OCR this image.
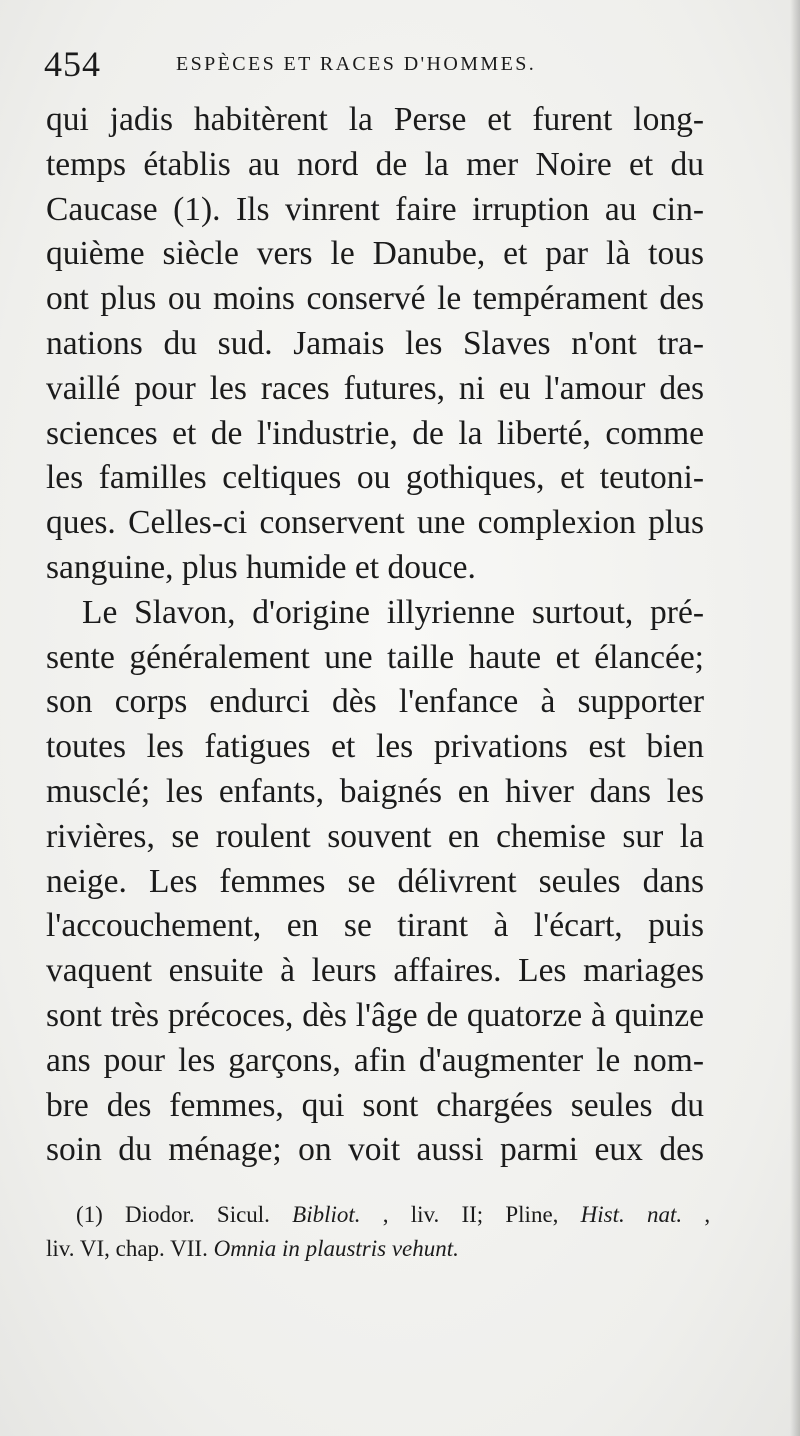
454	ESPÈCES ET RACES D'HOMMES.
qui jadis habitèrent la Perse et furent long-
temps établis au nord de la mer Noire et du
Caucase (1). Ils vinrent faire irruption au cin-
quième siècle vers le Danube, et par là tous
ont plus ou moins conservé le tempérament des
nations du sud. Jamais les Slaves n'ont tra-
vaillé pour les races futures, ni eu l'amour des
sciences et de l'industrie, de la liberté, comme
les familles celtiques ou gothiques, et teutoni-
ques. Celles-ci conservent une complexion plus
sanguine, plus humide et douce.
Le Slavon, d'origine illyrienne surtout, pré-
sente généralement une taille haute et élancée;
son corps endurci dès l'enfance à supporter
toutes les fatigues et les privations est bien
musclé; les enfants, baignés en hiver dans les
rivières, se roulent souvent en chemise sur la
neige. Les femmes se délivrent seules dans
l'accouchement, en se tirant à l'écart, puis
vaquent ensuite à leurs affaires. Les mariages
sont très précoces, dès l'âge de quatorze à quinze
ans pour les garçons, afin d'augmenter le nom-
bre des femmes, qui sont chargées seules du
soin du ménage; on voit aussi parmi eux des
(1) Diodor. Sicul. Bibliot. , liv. II; Pline, Hist. nat. ,
liv. VI, chap. VII. Omnia in plaustris vehunt.
